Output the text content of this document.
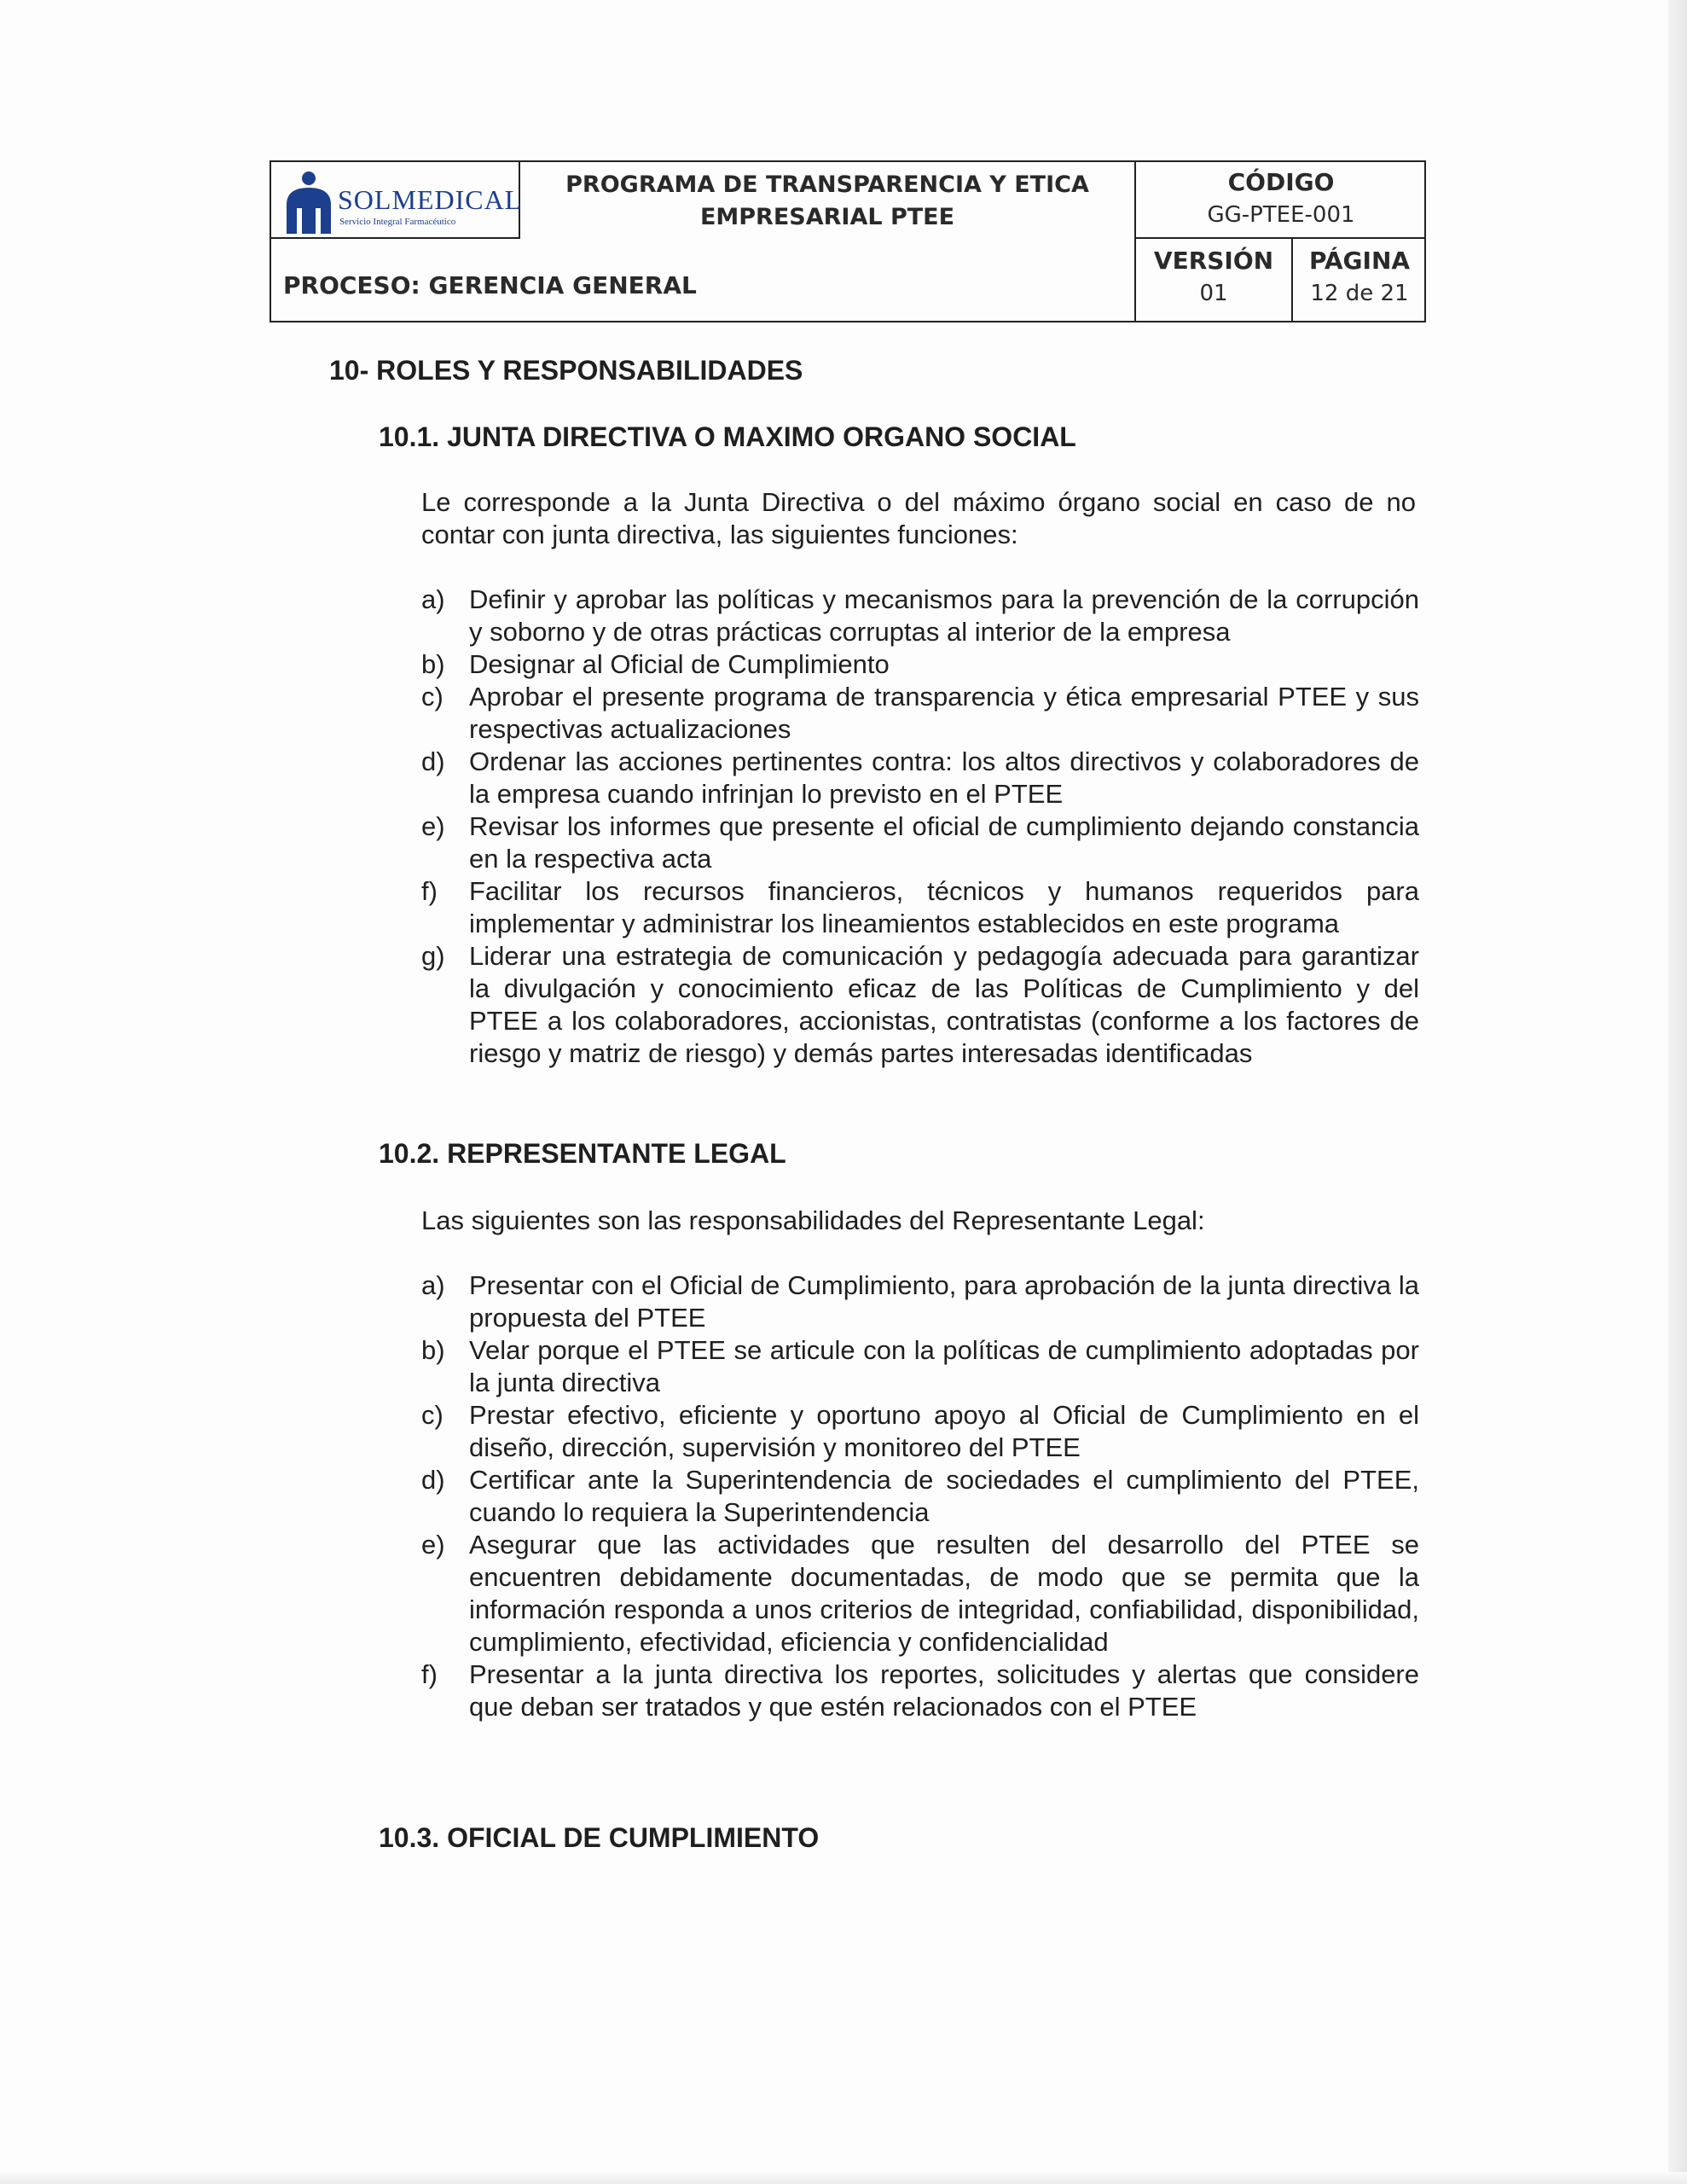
SOLMEDICAL
Servicio Integral Farmacéutico
PROGRAMA DE TRANSPARENCIA Y ETICA
EMPRESARIAL PTEE
CÓDIGO
GG-PTEE-001
PROCESO: GERENCIA GENERAL
VERSIÓN
01
PÁGINA
12 de 21
10- ROLES Y RESPONSABILIDADES
10.1. JUNTA DIRECTIVA O MAXIMO ORGANO SOCIAL
Le corresponde a la Junta Directiva o del máximo órgano social en caso de no contar con junta directiva, las siguientes funciones:
a) Definir y aprobar las políticas y mecanismos para la prevención de la corrupción y soborno y de otras prácticas corruptas al interior de la empresa
b) Designar al Oficial de Cumplimiento
c) Aprobar el presente programa de transparencia y ética empresarial PTEE y sus respectivas actualizaciones
d) Ordenar las acciones pertinentes contra: los altos directivos y colaboradores de la empresa cuando infrinjan lo previsto en el PTEE
e) Revisar los informes que presente el oficial de cumplimiento dejando constancia en la respectiva acta
f) Facilitar los recursos financieros, técnicos y humanos requeridos para implementar y administrar los lineamientos establecidos en este programa
g) Liderar una estrategia de comunicación y pedagogía adecuada para garantizar la divulgación y conocimiento eficaz de las Políticas de Cumplimiento y del PTEE a los colaboradores, accionistas, contratistas (conforme a los factores de riesgo y matriz de riesgo) y demás partes interesadas identificadas
10.2. REPRESENTANTE LEGAL
Las siguientes son las responsabilidades del Representante Legal:
a) Presentar con el Oficial de Cumplimiento, para aprobación de la junta directiva la propuesta del PTEE
b) Velar porque el PTEE se articule con la políticas de cumplimiento adoptadas por la junta directiva
c) Prestar efectivo, eficiente y oportuno apoyo al Oficial de Cumplimiento en el diseño, dirección, supervisión y monitoreo del PTEE
d) Certificar ante la Superintendencia de sociedades el cumplimiento del PTEE, cuando lo requiera la Superintendencia
e) Asegurar que las actividades que resulten del desarrollo del PTEE se encuentren debidamente documentadas, de modo que se permita que la información responda a unos criterios de integridad, confiabilidad, disponibilidad, cumplimiento, efectividad, eficiencia y confidencialidad
f) Presentar a la junta directiva los reportes, solicitudes y alertas que considere que deban ser tratados y que estén relacionados con el PTEE
10.3. OFICIAL DE CUMPLIMIENTO
